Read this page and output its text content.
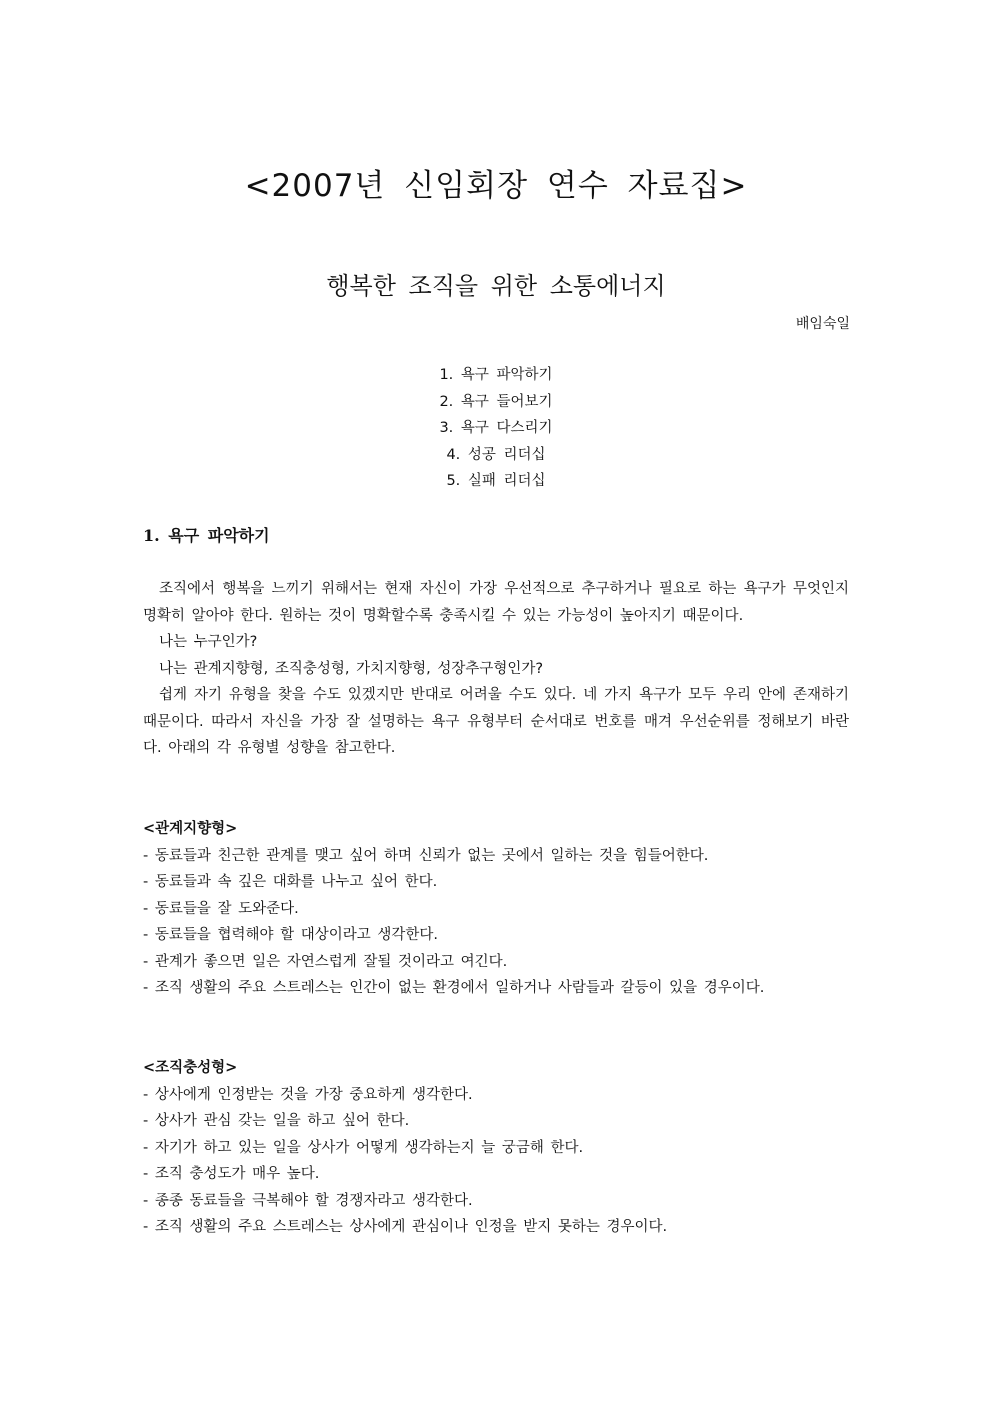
<2007년 신임회장 연수 자료집>
행복한 조직을 위한 소통에너지

배임숙일

1. 욕구 파악하기
2. 욕구 들어보기
3. 욕구 다스리기
4. 성공 리더십
5. 실패 리더십
1. 욕구 파악하기

조직에서 행복을 느끼기 위해서는 현재 자신이 가장 우선적으로 추구하거나 필요로 하는 욕구가 무엇인지 명확히 알아야 한다. 원하는 것이 명확할수록 충족시킬 수 있는 가능성이 높아지기 때문이다.

나는 누구인가?

나는 관계지향형, 조직충성형, 가치지향형, 성장추구형인가?

쉽게 자기 유형을 찾을 수도 있겠지만 반대로 어려울 수도 있다. 네 가지 욕구가 모두 우리 안에 존재하기 때문이다. 따라서 자신을 가장 잘 설명하는 욕구 유형부터 순서대로 번호를 매겨 우선순위를 정해보기 바란다. 아래의 각 유형별 성향을 참고한다.

<관계지향형>

- 동료들과 친근한 관계를 맺고 싶어 하며 신뢰가 없는 곳에서 일하는 것을 힘들어한다.
- 동료들과 속 깊은 대화를 나누고 싶어 한다.
- 동료들을 잘 도와준다.
- 동료들을 협력해야 할 대상이라고 생각한다.
- 관계가 좋으면 일은 자연스럽게 잘될 것이라고 여긴다.
- 조직 생활의 주요 스트레스는 인간이 없는 환경에서 일하거나 사람들과 갈등이 있을 경우이다.

<조직충성형>

- 상사에게 인정받는 것을 가장 중요하게 생각한다.
- 상사가 관심 갖는 일을 하고 싶어 한다.
- 자기가 하고 있는 일을 상사가 어떻게 생각하는지 늘 궁금해 한다.
- 조직 충성도가 매우 높다.
- 종종 동료들을 극복해야 할 경쟁자라고 생각한다.
- 조직 생활의 주요 스트레스는 상사에게 관심이나 인정을 받지 못하는 경우이다.
